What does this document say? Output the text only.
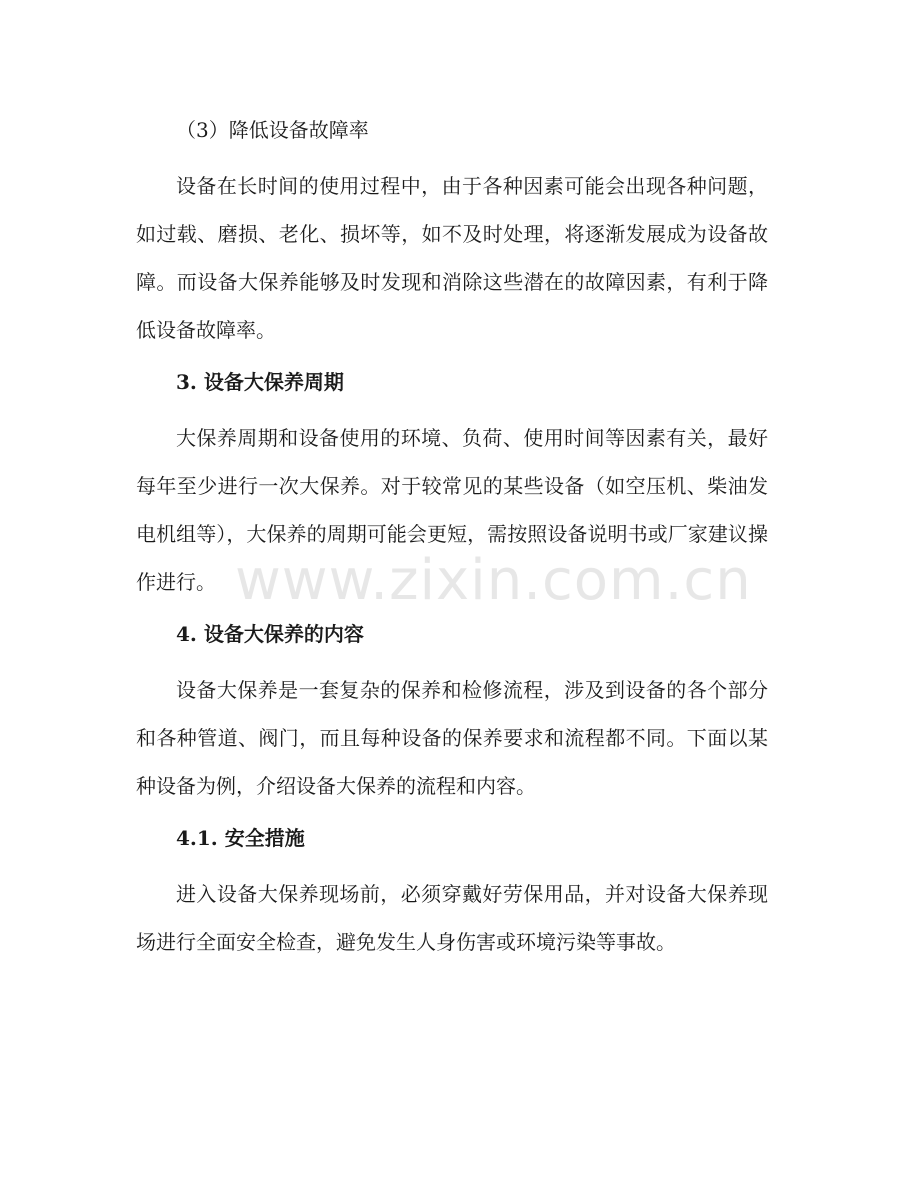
（3）降低设备故障率

设备在长时间的使用过程中，由于各种因素可能会出现各种问题，如过载、磨损、老化、损坏等，如不及时处理，将逐渐发展成为设备故障。而设备大保养能够及时发现和消除这些潜在的故障因素，有利于降低设备故障率。

3. 设备大保养周期

大保养周期和设备使用的环境、负荷、使用时间等因素有关，最好每年至少进行一次大保养。对于较常见的某些设备（如空压机、柴油发电机组等），大保养的周期可能会更短，需按照设备说明书或厂家建议操作进行。

4. 设备大保养的内容

设备大保养是一套复杂的保养和检修流程，涉及到设备的各个部分和各种管道、阀门，而且每种设备的保养要求和流程都不同。下面以某种设备为例，介绍设备大保养的流程和内容。

4.1. 安全措施

进入设备大保养现场前，必须穿戴好劳保用品，并对设备大保养现场进行全面安全检查，避免发生人身伤害或环境污染等事故。

www.zixin.com.cn
